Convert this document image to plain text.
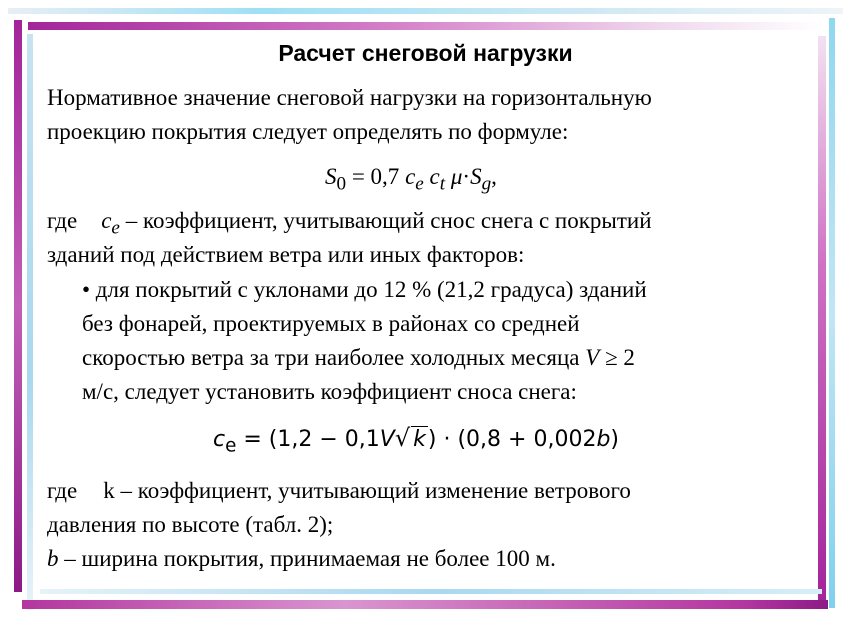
Расчет снеговой нагрузки
Нормативное значение снеговой нагрузки на горизонтальную
проекцию покрытия следует определять по формуле:
$S_0 = 0,7$ $c_e$ $c_t$ $\mu\cdot S_g$,
где $c_e$ – коэффициент, учитывающий снос снега с покрытий
зданий под действием ветра или иных факторов:
• для покрытий с уклонами до 12 % (21,2 градуса) зданий
без фонарей, проектируемых в районах со средней
скоростью ветра за три наиболее холодных месяца V ≥ 2
м/с, следует установить коэффициент сноса снега:
$c_e = (1,2 - 0,1V√$ k) · (0,8 + 0,002b)
где k – коэффициент, учитывающий изменение ветрового
давления по высоте (табл. 2);
b – ширина покрытия, принимаемая не более 100 м.
